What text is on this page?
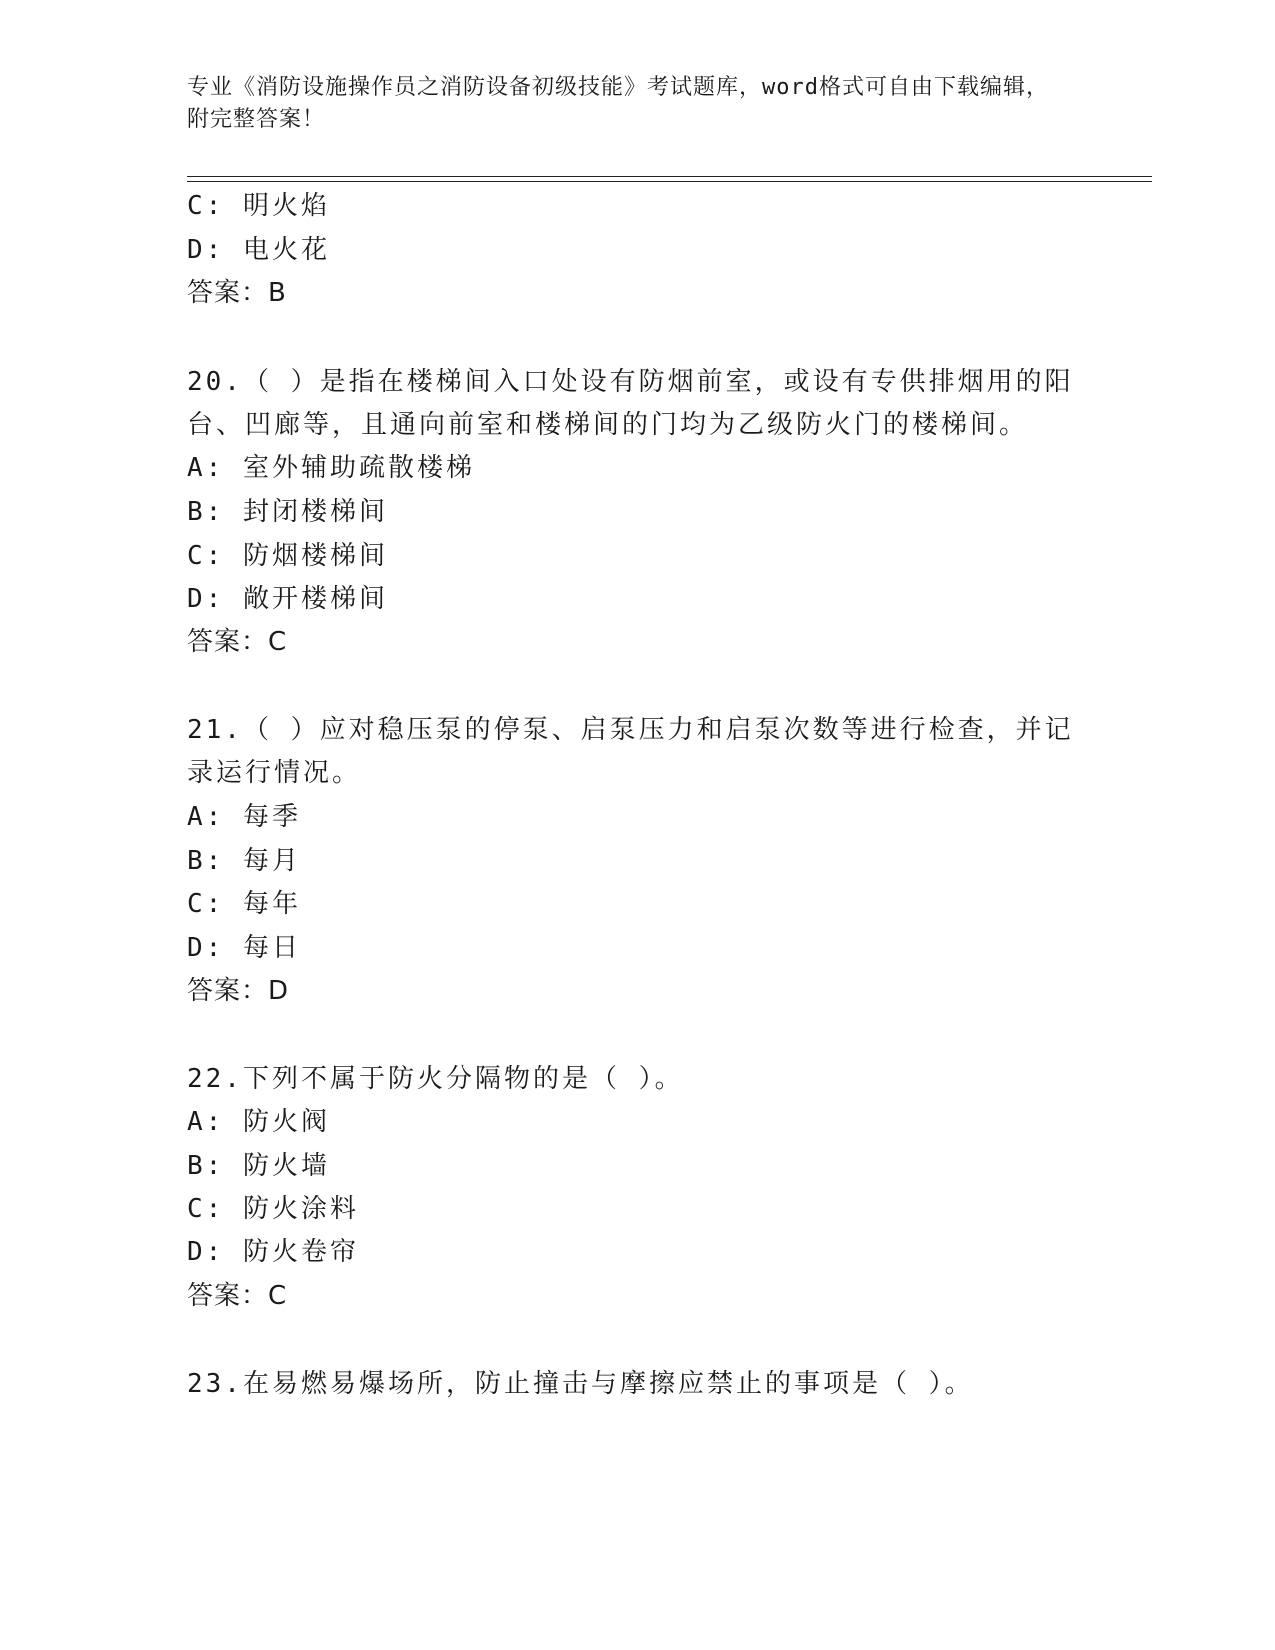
专业《消防设施操作员之消防设备初级技能》考试题库，word格式可自由下载编辑，附完整答案！
C: 明火焰
D: 电火花
答案：B
20.（ ）是指在楼梯间入口处设有防烟前室，或设有专供排烟用的阳
台、凹廊等，且通向前室和楼梯间的门均为乙级防火门的楼梯间。
A: 室外辅助疏散楼梯
B: 封闭楼梯间
C: 防烟楼梯间
D: 敞开楼梯间
答案：C
21.（ ）应对稳压泵的停泵、启泵压力和启泵次数等进行检查，并记
录运行情况。
A: 每季
B: 每月
C: 每年
D: 每日
答案：D
22.下列不属于防火分隔物的是（ ）。
A: 防火阀
B: 防火墙
C: 防火涂料
D: 防火卷帘
答案：C
23.在易燃易爆场所，防止撞击与摩擦应禁止的事项是（ ）。
